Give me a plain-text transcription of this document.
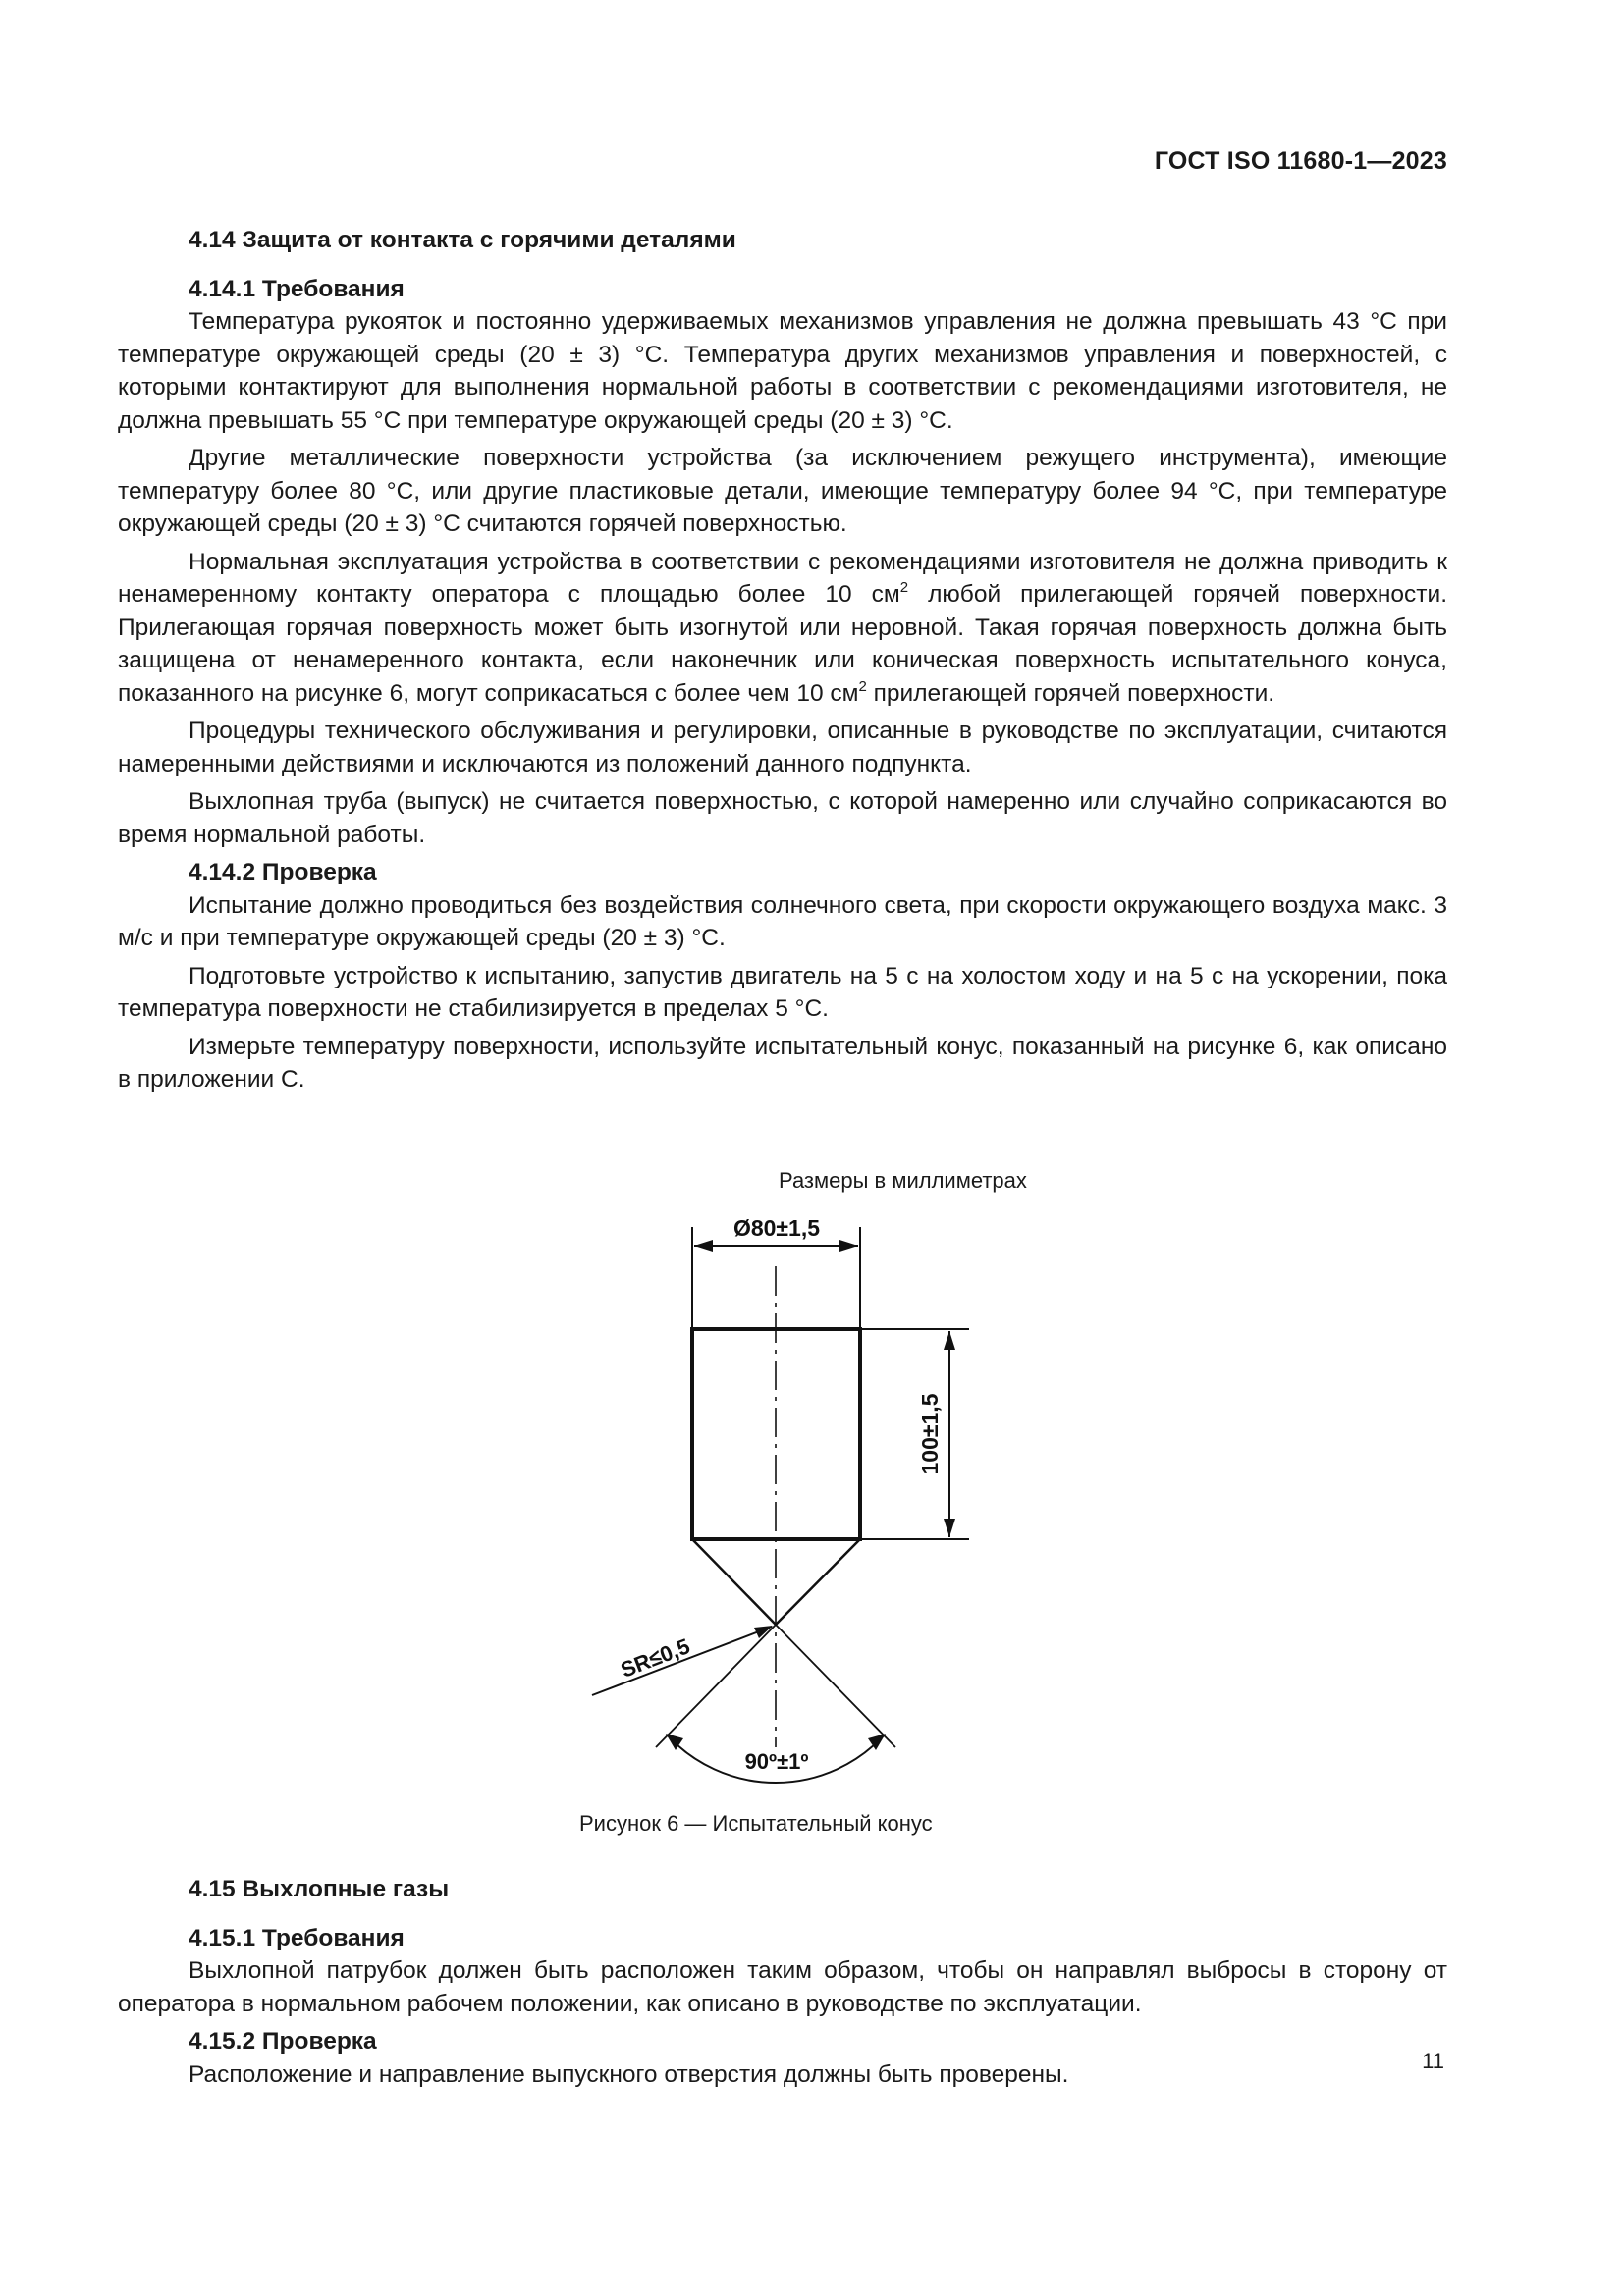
ГОСТ ISO 11680-1—2023

4.14 Защита от контакта с горячими деталями

4.14.1 Требования

Температура рукояток и постоянно удерживаемых механизмов управления не должна превышать 43 °C при температуре окружающей среды (20 ± 3) °C. Температура других механизмов управления и поверхностей, с которыми контактируют для выполнения нормальной работы в соответствии с рекомендациями изготовителя, не должна превышать 55 °C при температуре окружающей среды (20 ± 3) °C.

Другие металлические поверхности устройства (за исключением режущего инструмента), имеющие температуру более 80 °C, или другие пластиковые детали, имеющие температуру более 94 °C, при температуре окружающей среды (20 ± 3) °C считаются горячей поверхностью.

Нормальная эксплуатация устройства в соответствии с рекомендациями изготовителя не должна приводить к ненамеренному контакту оператора с площадью более 10 $см^2$ любой прилегающей горячей поверхности. Прилегающая горячая поверхность может быть изогнутой или неровной. Такая горячая поверхность должна быть защищена от ненамеренного контакта, если наконечник или коническая поверхность испытательного конуса, показанного на рисунке 6, могут соприкасаться с более чем 10 $см^2$ прилегающей горячей поверхности.

Процедуры технического обслуживания и регулировки, описанные в руководстве по эксплуатации, считаются намеренными действиями и исключаются из положений данного подпункта.

Выхлопная труба (выпуск) не считается поверхностью, с которой намеренно или случайно соприкасаются во время нормальной работы.

4.14.2 Проверка

Испытание должно проводиться без воздействия солнечного света, при скорости окружающего воздуха макс. 3 м/с и при температуре окружающей среды (20 ± 3) °C.

Подготовьте устройство к испытанию, запустив двигатель на 5 с на холостом ходу и на 5 с на ускорении, пока температура поверхности не стабилизируется в пределах 5 °C.

Измерьте температуру поверхности, используйте испытательный конус, показанный на рисунке 6, как описано в приложении С.

Размеры в миллиметрах
Ø80±1,5
100±1,5
SR≤0,5
90º±1º
Рисунок 6 — Испытательный конус

4.15 Выхлопные газы

4.15.1 Требования

Выхлопной патрубок должен быть расположен таким образом, чтобы он направлял выбросы в сторону от оператора в нормальном рабочем положении, как описано в руководстве по эксплуатации.

4.15.2 Проверка

Расположение и направление выпускного отверстия должны быть проверены.	11
